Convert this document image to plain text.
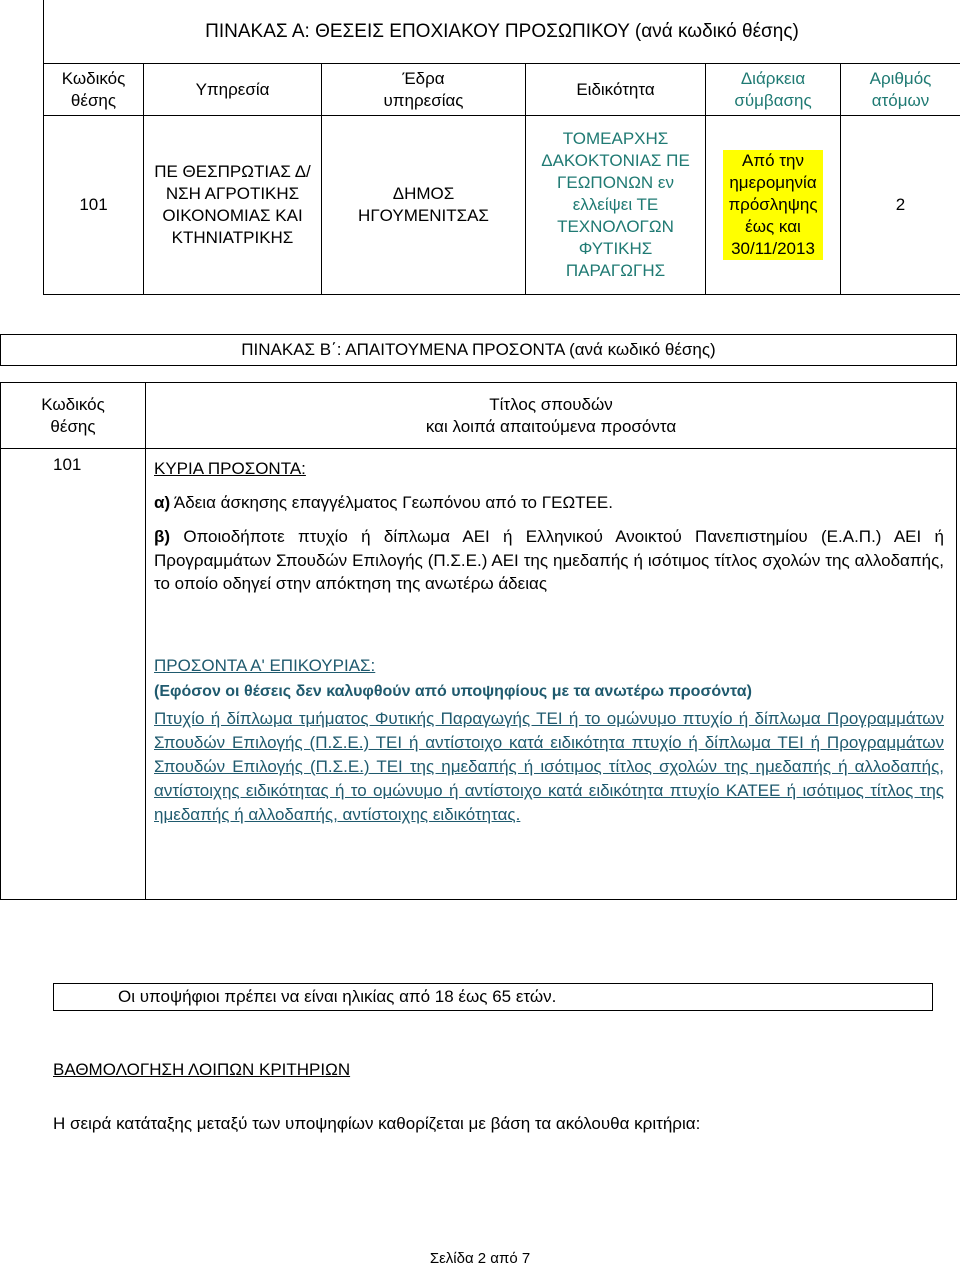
ΠΙΝΑΚΑΣ Α: ΘΕΣΕΙΣ ΕΠΟΧΙΑΚΟΥ ΠΡΟΣΩΠΙΚΟΥ (ανά κωδικό θέσης)
Κωδικός θέσης
Υπηρεσία
Έδρα υπηρεσίας
Ειδικότητα
Διάρκεια σύμβασης
Αριθμός ατόμων
101
ΠΕ ΘΕΣΠΡΩΤΙΑΣ Δ/ΝΣΗ ΑΓΡΟΤΙΚΗΣ ΟΙΚΟΝΟΜΙΑΣ ΚΑΙ ΚΤΗΝΙΑΤΡΙΚΗΣ
ΔΗΜΟΣ ΗΓΟΥΜΕΝΙΤΣΑΣ
ΤΟΜΕΑΡΧΗΣ ΔΑΚΟΚΤΟΝΙΑΣ ΠΕ ΓΕΩΠΟΝΩΝ εν ελλείψει ΤΕ ΤΕΧΝΟΛΟΓΩΝ ΦΥΤΙΚΗΣ ΠΑΡΑΓΩΓΗΣ
Από την ημερομηνία πρόσληψης έως και 30/11/2013
2
ΠΙΝΑΚΑΣ Β΄: ΑΠΑΙΤΟΥΜΕΝΑ ΠΡΟΣΟΝΤΑ (ανά κωδικό θέσης)
Κωδικός θέσης
Τίτλος σπουδών
και λοιπά απαιτούμενα προσόντα
101	ΚΥΡΙΑ ΠΡΟΣΟΝΤΑ:
α) Άδεια άσκησης επαγγέλματος Γεωπόνου από το ΓΕΩΤΕΕ.
β) Οποιοδήποτε πτυχίο ή δίπλωμα ΑΕΙ ή Ελληνικού Ανοικτού Πανεπιστημίου (Ε.Α.Π.) ΑΕΙ ή Προγραμμάτων Σπουδών Επιλογής (Π.Σ.Ε.) ΑΕΙ της ημεδαπής ή ισότιμος τίτλος σχολών της αλλοδαπής, το οποίο οδηγεί στην απόκτηση της ανωτέρω άδειας
ΠΡΟΣΟΝΤΑ Α' ΕΠΙΚΟΥΡΙΑΣ:
(Εφόσον οι θέσεις δεν καλυφθούν από υποψηφίους με τα ανωτέρω προσόντα)
Πτυχίο ή δίπλωμα τμήματος Φυτικής Παραγωγής ΤΕΙ ή το ομώνυμο πτυχίο ή δίπλωμα Προγραμμάτων Σπουδών Επιλογής (Π.Σ.Ε.) ΤΕΙ ή αντίστοιχο κατά ειδικότητα πτυχίο ή δίπλωμα ΤΕΙ ή Προγραμμάτων Σπουδών Επιλογής (Π.Σ.Ε.) ΤΕΙ της ημεδαπής ή ισότιμος τίτλος σχολών της ημεδαπής ή αλλοδαπής, αντίστοιχης ειδικότητας ή το ομώνυμο ή αντίστοιχο κατά ειδικότητα πτυχίο ΚΑΤΕΕ ή ισότιμος τίτλος της ημεδαπής ή αλλοδαπής, αντίστοιχης ειδικότητας.
Οι υποψήφιοι πρέπει να είναι ηλικίας από 18 έως 65 ετών.
ΒΑΘΜΟΛΟΓΗΣΗ ΛΟΙΠΩΝ ΚΡΙΤΗΡΙΩΝ
Η σειρά κατάταξης μεταξύ των υποψηφίων καθορίζεται με βάση τα ακόλουθα κριτήρια:
Σελίδα 2 από 7
